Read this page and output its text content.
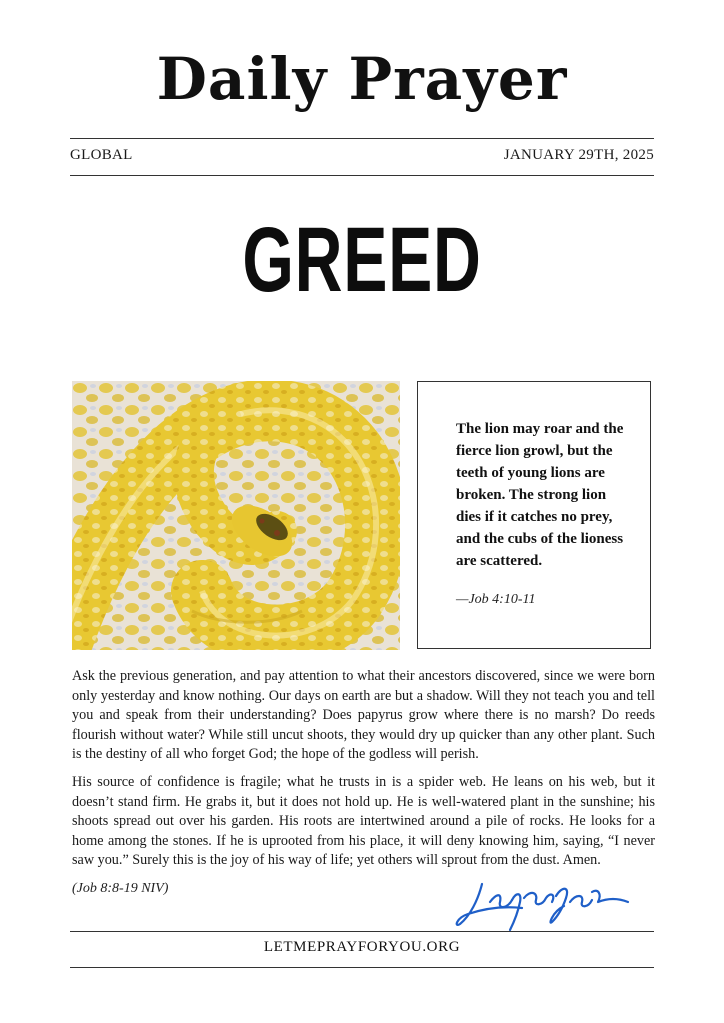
Daily Prayer
GLOBAL	JANUARY 29TH, 2025
GREED
The lion may roar and the fierce lion growl, but the teeth of young lions are broken. The strong lion dies if it catches no prey, and the cubs of the lioness are scattered.
—Job 4:10-11
Ask the previous generation, and pay attention to what their ancestors discovered, since we were born only yesterday and know nothing. Our days on earth are but a shadow. Will they not teach you and tell you and speak from their understanding? Does papyrus grow where there is no marsh? Do reeds flourish without water? While still uncut shoots, they would dry up quicker than any other plant. Such is the destiny of all who forget God; the hope of the godless will perish.
His source of confidence is fragile; what he trusts in is a spider web. He leans on his web, but it doesn’t stand firm. He grabs it, but it does not hold up. He is well-watered plant in the sunshine; his shoots spread out over his garden. His roots are intertwined around a pile of rocks. He looks for a home among the stones. If he is uprooted from his place, it will deny knowing him, saying, “I never saw you.” Surely this is the joy of his way of life; yet others will sprout from the dust. Amen.
(Job 8:8-19 NIV)
LETMEPRAYFORYOU.ORG
